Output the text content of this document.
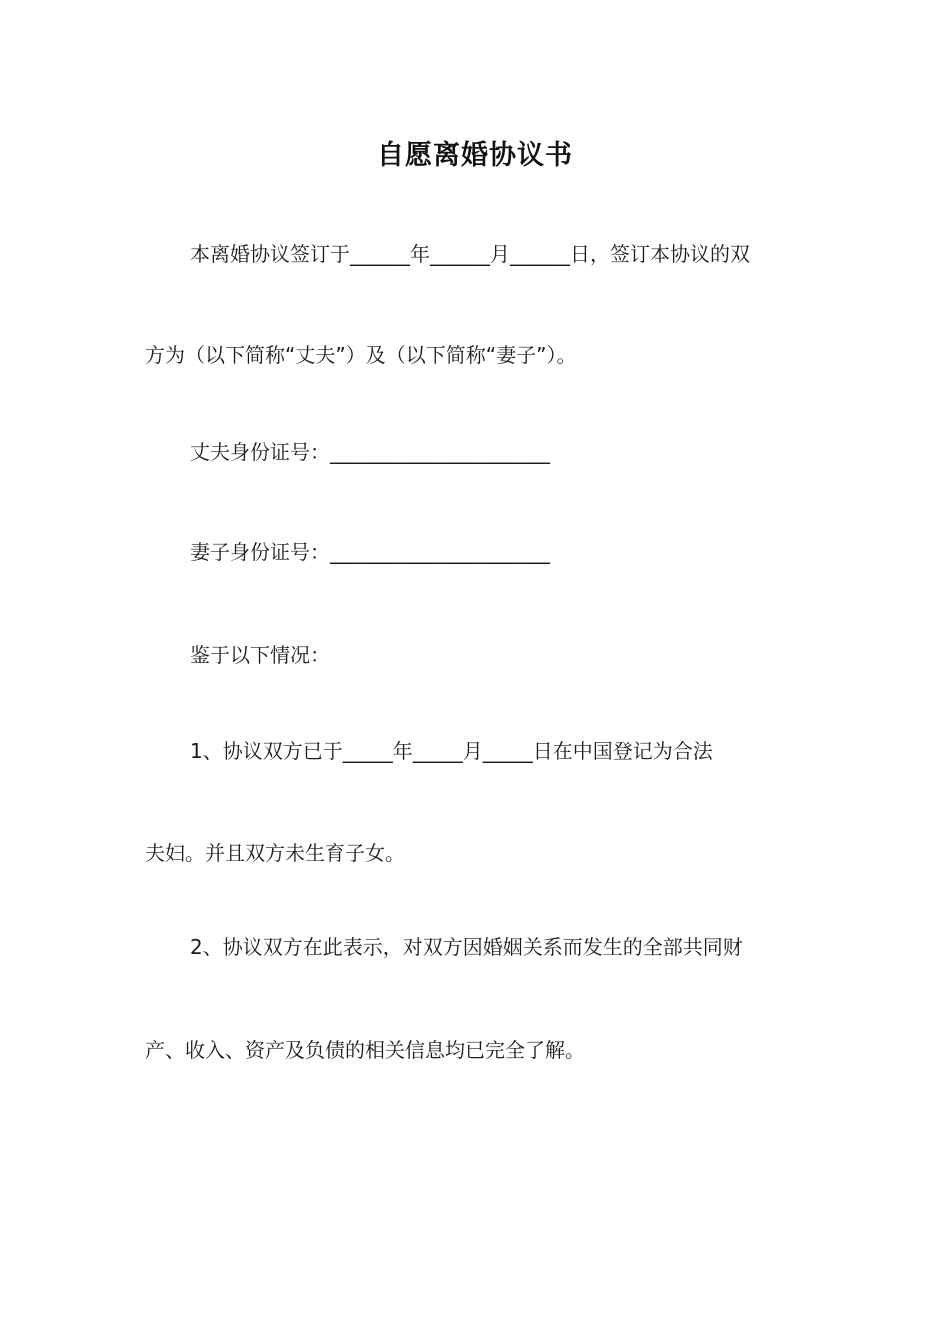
自愿离婚协议书
本离婚协议签订于______年______月______日，签订本协议的双
方为（以下简称“丈夫”）及（以下简称“妻子”）。
丈夫身份证号：______________________
妻子身份证号：______________________
鉴于以下情况：
1、协议双方已于_____年_____月_____日在中国登记为合法
夫妇。并且双方未生育子女。
2、协议双方在此表示，对双方因婚姻关系而发生的全部共同财
产、收入、资产及负债的相关信息均已完全了解。
